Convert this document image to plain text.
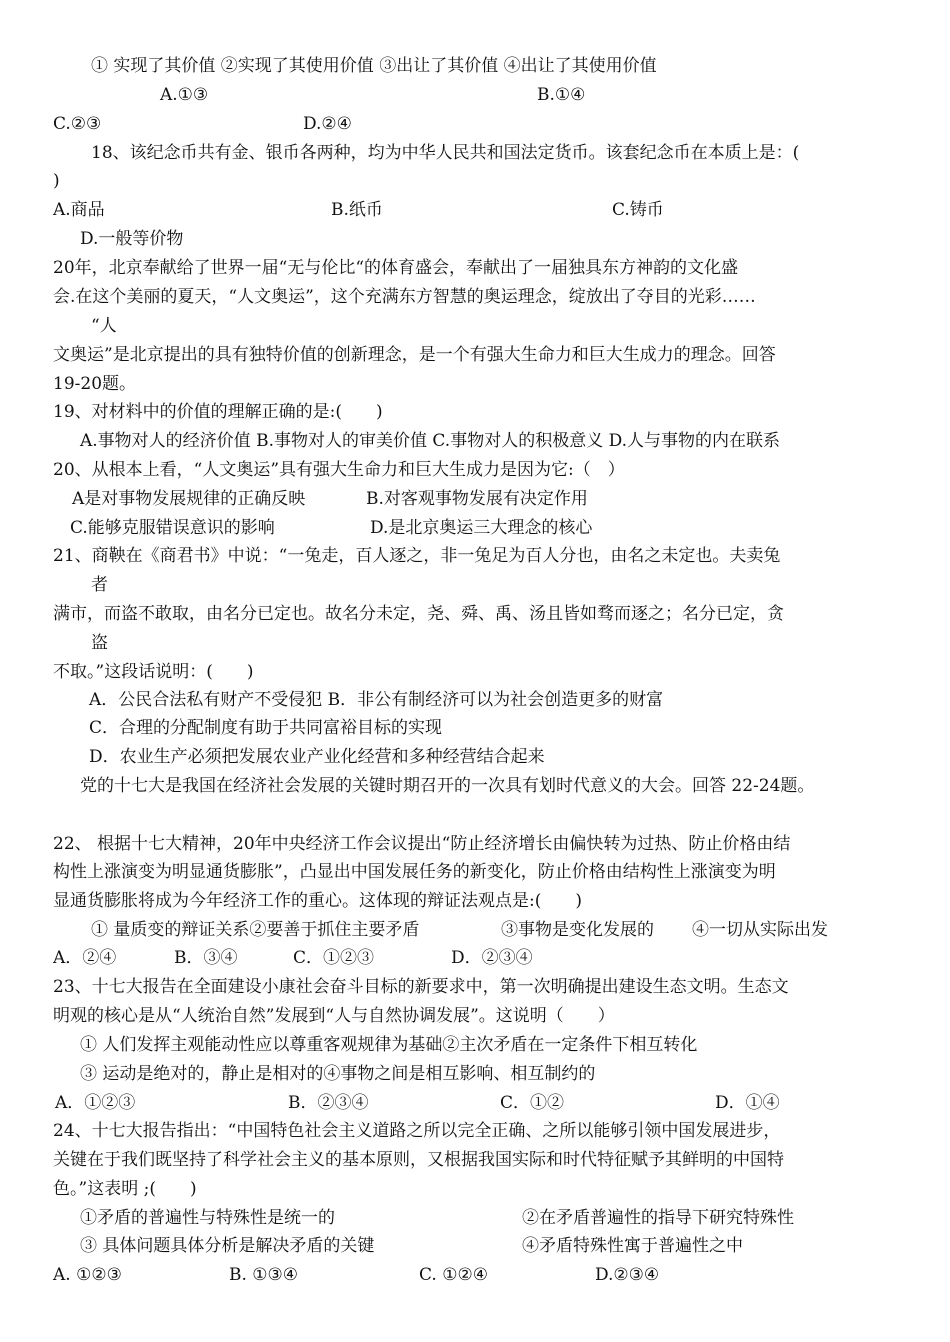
① 实现了其价值 ②实现了其使用价值 ③出让了其价值 ④出让了其使用价值
A.①③	B.①④
C.②③	D.②④
18、该纪念币共有金、银币各两种，均为中华人民共和国法定货币。该套纪念币在本质上是：(
)
A.商品	B.纸币	C.铸币
D.一般等价物
20年，北京奉献给了世界一届“无与伦比“的体育盛会，奉献出了一届独具东方神韵的文化盛
会.在这个美丽的夏天，“人文奥运”，这个充满东方智慧的奥运理念，绽放出了夺目的光彩……
“人
文奥运”是北京提出的具有独特价值的创新理念，是一个有强大生命力和巨大生成力的理念。回答
19-20题。
19、对材料中的价值的理解正确的是:(　　)
A.事物对人的经济价值 B.事物对人的审美价值 C.事物对人的积极意义 D.人与事物的内在联系
20、从根本上看，“人文奥运”具有强大生命力和巨大生成力是因为它:（　）
A是对事物发展规律的正确反映	B.对客观事物发展有决定作用
C.能够克服错误意识的影响	D.是北京奥运三大理念的核心
21、商鞅在《商君书》中说：“一兔走，百人逐之，非一兔足为百人分也，由名之未定也。夫卖兔
者
满市，而盗不敢取，由名分已定也。故名分未定，尧、舜、禹、汤且皆如骛而逐之；名分已定，贪
盗
不取。”这段话说明：(　　)
A．公民合法私有财产不受侵犯 B．非公有制经济可以为社会创造更多的财富
C．合理的分配制度有助于共同富裕目标的实现
D．农业生产必须把发展农业产业化经营和多种经营结合起来
党的十七大是我国在经济社会发展的关键时期召开的一次具有划时代意义的大会。回答 22-24题。
22、 根据十七大精神，20年中央经济工作会议提出“防止经济增长由偏快转为过热、防止价格由结
构性上涨演变为明显通货膨胀”，凸显出中国发展任务的新变化，防止价格由结构性上涨演变为明
显通货膨胀将成为今年经济工作的重心。这体现的辩证法观点是:(　　)
① 量质变的辩证关系②要善于抓住主要矛盾	③事物是变化发展的 ④一切从实际出发
A．②④	B．③④	C．①②③	D．②③④
23、十七大报告在全面建设小康社会奋斗目标的新要求中，第一次明确提出建设生态文明。生态文
明观的核心是从“人统治自然”发展到“人与自然协调发展”。这说明（　　）
① 人们发挥主观能动性应以尊重客观规律为基础②主次矛盾在一定条件下相互转化
③ 运动是绝对的，静止是相对的④事物之间是相互影响、相互制约的
A．①②③	B．②③④	C．①②	D．①④
24、十七大报告指出：“中国特色社会主义道路之所以完全正确、之所以能够引领中国发展进步，
关键在于我们既坚持了科学社会主义的基本原则，又根据我国实际和时代特征赋予其鲜明的中国特
色。”这表明 ;(　　)
①矛盾的普遍性与特殊性是统一的	②在矛盾普遍性的指导下研究特殊性
③ 具体问题具体分析是解决矛盾的关键	④矛盾特殊性寓于普遍性之中
A. ①②③	B. ①③④	C. ①②④	D.②③④
